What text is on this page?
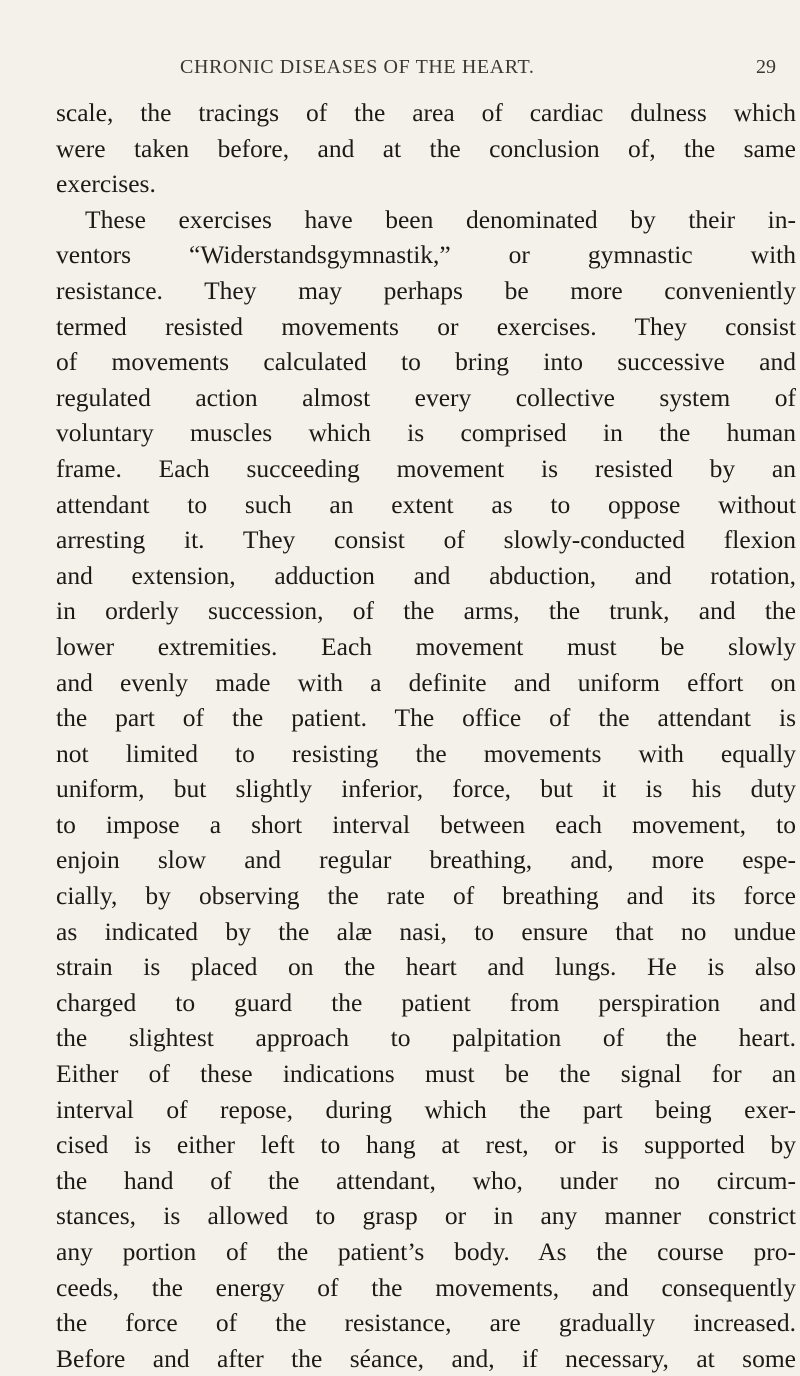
CHRONIC DISEASES OF THE HEART.	29
scale, the tracings of the area of cardiac dulness which
were taken before, and at the conclusion of, the same
exercises.
These exercises have been denominated by their in-
ventors “Widerstandsgymnastik,” or gymnastic with
resistance. They may perhaps be more conveniently
termed resisted movements or exercises. They consist
of movements calculated to bring into successive and
regulated action almost every collective system of
voluntary muscles which is comprised in the human
frame. Each succeeding movement is resisted by an
attendant to such an extent as to oppose without
arresting it. They consist of slowly-conducted flexion
and extension, adduction and abduction, and rotation,
in orderly succession, of the arms, the trunk, and the
lower extremities. Each movement must be slowly
and evenly made with a definite and uniform effort on
the part of the patient. The office of the attendant is
not limited to resisting the movements with equally
uniform, but slightly inferior, force, but it is his duty
to impose a short interval between each movement, to
enjoin slow and regular breathing, and, more espe-
cially, by observing the rate of breathing and its force
as indicated by the alæ nasi, to ensure that no undue
strain is placed on the heart and lungs. He is also
charged to guard the patient from perspiration and
the slightest approach to palpitation of the heart.
Either of these indications must be the signal for an
interval of repose, during which the part being exer-
cised is either left to hang at rest, or is supported by
the hand of the attendant, who, under no circum-
stances, is allowed to grasp or in any manner constrict
any portion of the patient’s body. As the course pro-
ceeds, the energy of the movements, and consequently
the force of the resistance, are gradually increased.
Before and after the séance, and, if necessary, at some
